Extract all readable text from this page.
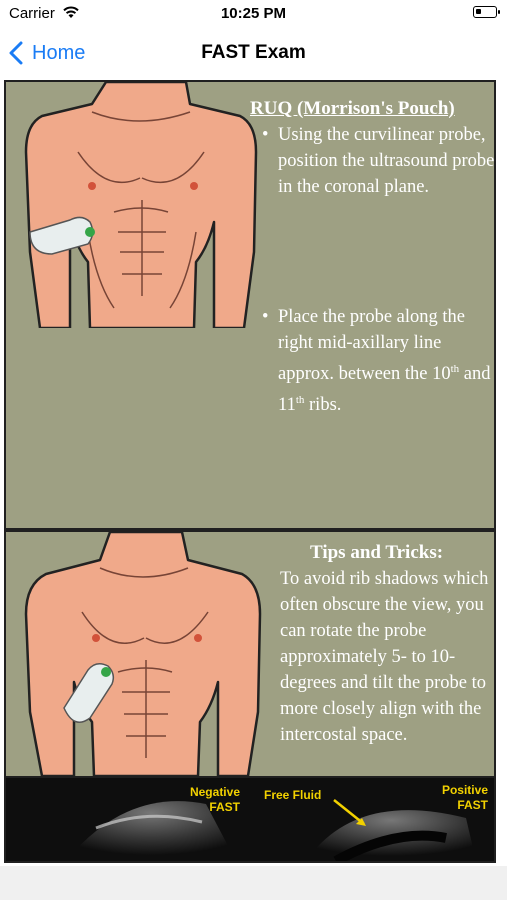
Carrier	10:25 PM
Home	FAST Exam
RUQ (Morrison's Pouch)
• Using the curvilinear probe, position the ultrasound probe in the coronal plane.
• Place the probe along the right mid-axillary line approx. between the 10th and 11th ribs.
•
Tips and Tricks:
To avoid rib shadows which often obscure the view, you can rotate the probe approximately 5- to 10- degrees and tilt the probe to more closely align with the intercostal space.
Negative
FAST
Free Fluid	Positive
FAST
